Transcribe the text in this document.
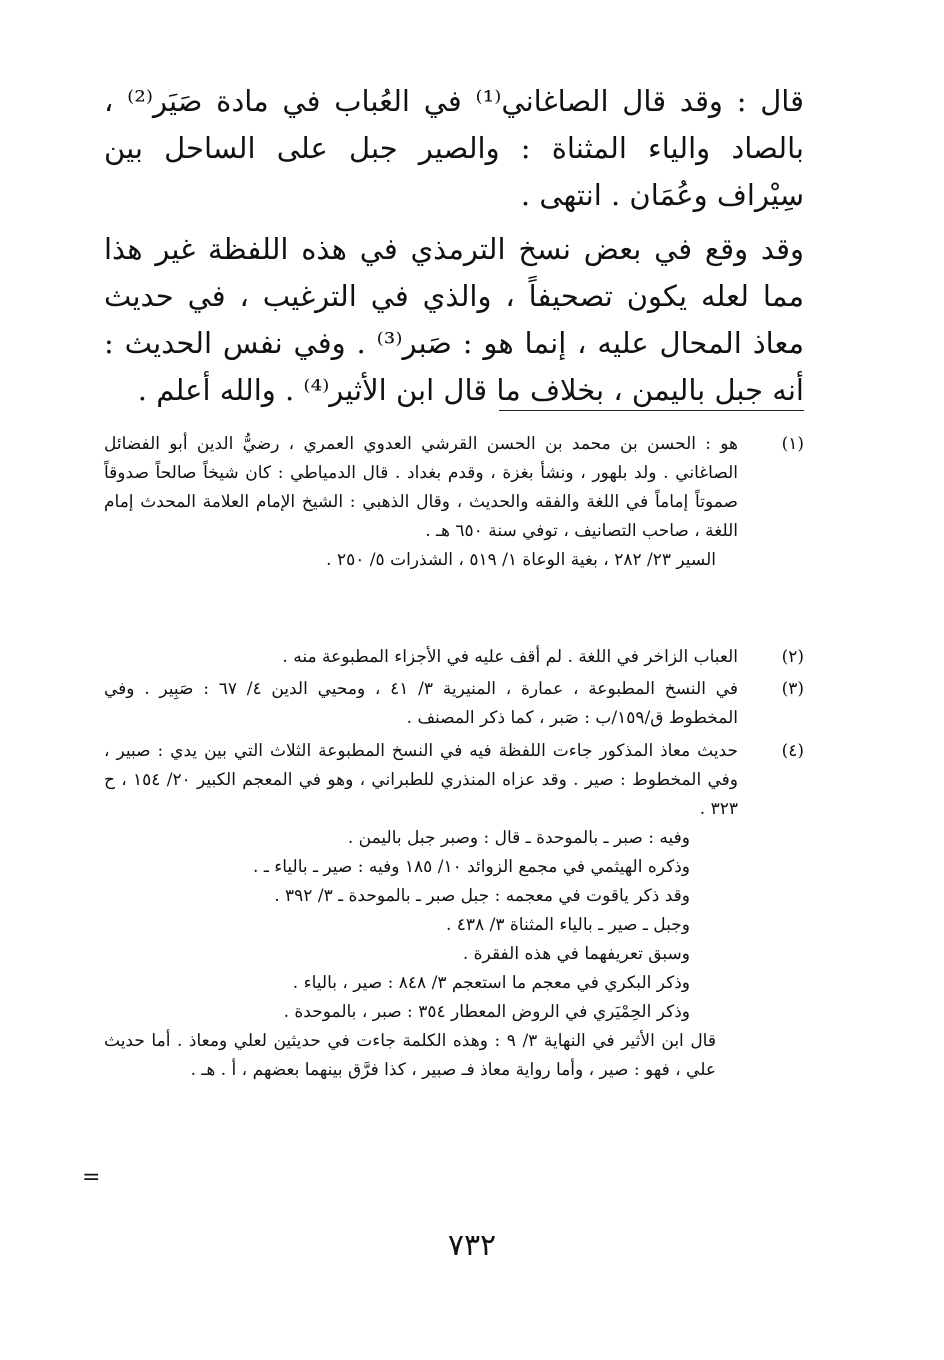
قال : وقد قال الصاغاني⁽¹⁾ في العُباب في مادة صَيَر⁽²⁾ ، بالصاد والياء المثناة : والصير جبل على الساحل بين سِيْراف وعُمَان . انتهى .

وقد وقع في بعض نسخ الترمذي في هذه اللفظة غير هذا مما لعله يكون تصحيفاً ، والذي في الترغيب ، في حديث معاذ المحال عليه ، إنما هو : صَبر⁽³⁾ . وفي نفس الحديث : أنه جبل باليمن ، بخلاف ما قال ابن الأثير⁽⁴⁾ . والله أعلم .

(١)
هو : الحسن بن محمد بن الحسن القرشي العدوي العمري ، رضيُّ الدين أبو الفضائل الصاغاني . ولد بلهور ، ونشأ بغزة ، وقدم بغداد . قال الدمياطي : كان شيخاً صالحاً صدوقاً صموتاً إماماً في اللغة والفقه والحديث ، وقال الذهبي : الشيخ الإمام العلامة المحدث إمام اللغة ، صاحب التصانيف ، توفي سنة ٦٥٠ هـ .
السير ٢٣/ ٢٨٢ ، بغية الوعاة ١/ ٥١٩ ، الشذرات ٥/ ٢٥٠ .
(٢)
العباب الزاخر في اللغة . لم أقف عليه في الأجزاء المطبوعة منه .
(٣)
في النسخ المطبوعة ، عمارة ، المنيرية ٣/ ٤١ ، ومحيي الدين ٤/ ٦٧ : صَبِير . وفي المخطوط ق/١٥٩/ب : صَبر ، كما ذكر المصنف .
(٤)
حديث معاذ المذكور جاءت اللفظة فيه في النسخ المطبوعة الثلاث التي بين يدي : صبير ، وفي المخطوط : صير . وقد عزاه المنذري للطبراني ، وهو في المعجم الكبير ٢٠/ ١٥٤ ، ح ٣٢٣ .
وفيه : صبر ـ بالموحدة ـ قال : وصبر جبل باليمن .
وذكره الهيثمي في مجمع الزوائد ١٠/ ١٨٥ وفيه : صير ـ بالياء ـ .
وقد ذكر ياقوت في معجمه : جبل صبر ـ بالموحدة ـ ٣/ ٣٩٢ .
وجبل ـ صير ـ بالياء المثناة ٣/ ٤٣٨ .
وسبق تعريفهما في هذه الفقرة .
وذكر البكري في معجم ما استعجم ٣/ ٨٤٨ : صير ، بالياء .
وذكر الحِمْيَري في الروض المعطار ٣٥٤ : صبر ، بالموحدة .
قال ابن الأثير في النهاية ٣/ ٩ : وهذه الكلمة جاءت في حديثين لعلي ومعاذ . أما حديث علي ، فهو : صير ، وأما رواية معاذ فـ صبير ، كذا فرَّق بينهما بعضهم ، أ . هـ .
=
٧٣٢
